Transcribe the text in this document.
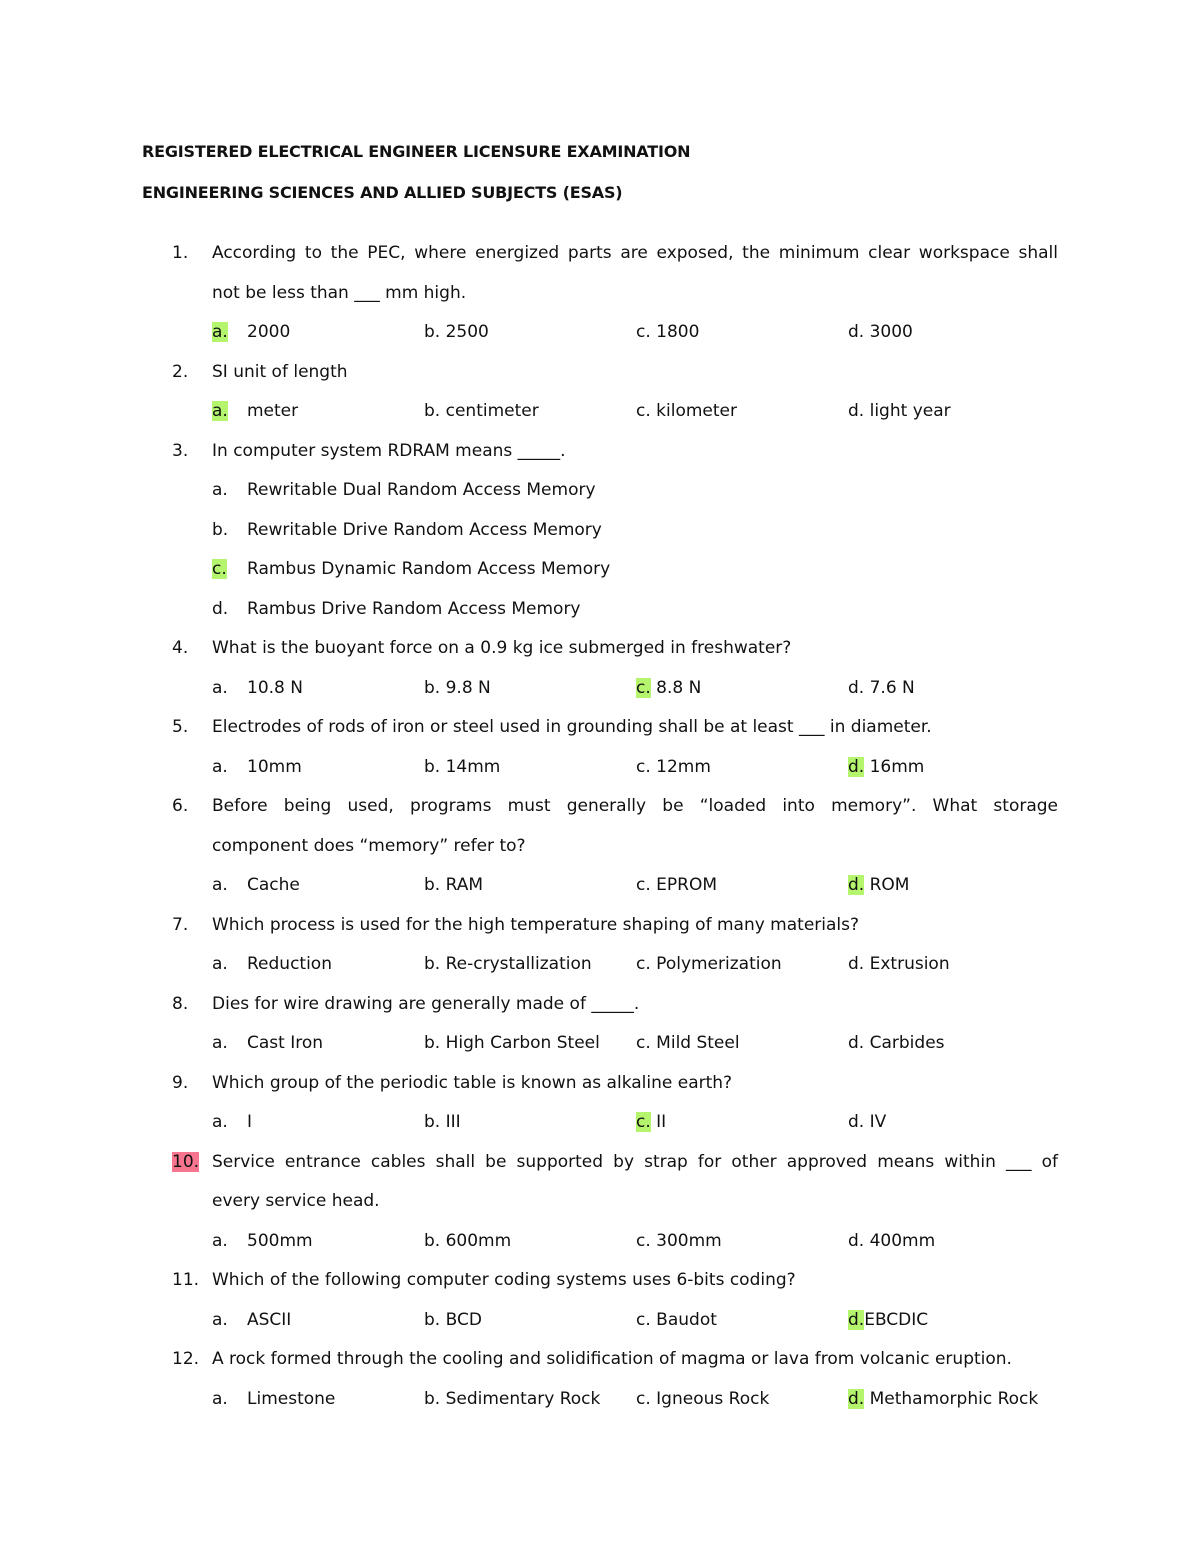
REGISTERED ELECTRICAL ENGINEER LICENSURE EXAMINATION
ENGINEERING SCIENCES AND ALLIED SUBJECTS (ESAS)
1.	According to the PEC, where energized parts are exposed, the minimum clear workspace shall
not be less than ___ mm high.
a. 2000	b. 2500	c. 1800	d. 3000
2.	SI unit of length
a. meter	b. centimeter	c. kilometer	d. light year
3.	In computer system RDRAM means _____.
a. Rewritable Dual Random Access Memory
b. Rewritable Drive Random Access Memory
c. Rambus Dynamic Random Access Memory
d. Rambus Drive Random Access Memory
4.	What is the buoyant force on a 0.9 kg ice submerged in freshwater?
a. 10.8 N	b. 9.8 N	c. 8.8 N	d. 7.6 N
5.	Electrodes of rods of iron or steel used in grounding shall be at least ___ in diameter.
a. 10mm	b. 14mm	c. 12mm	d. 16mm
6.	Before being used, programs must generally be “loaded into memory”. What storage
component does “memory” refer to?
a. Cache	b. RAM	c. EPROM	d. ROM
7.	Which process is used for the high temperature shaping of many materials?
a. Reduction	b. Re-crystallization	c. Polymerization	d. Extrusion
8.	Dies for wire drawing are generally made of _____.
a. Cast Iron	b. High Carbon Steel c. Mild Steel	d. Carbides
9.	Which group of the periodic table is known as alkaline earth?
a. I	b. III	c. II	d. IV
10. Service entrance cables shall be supported by strap for other approved means within ___ of
every service head.
a. 500mm	b. 600mm	c. 300mm	d. 400mm
11. Which of the following computer coding systems uses 6-bits coding?
a. ASCII	b. BCD	c. Baudot	d.EBCDIC
12. A rock formed through the cooling and solidification of magma or lava from volcanic eruption.
a. Limestone	b. Sedimentary Rock c. Igneous Rock	d. Methamorphic Rock
